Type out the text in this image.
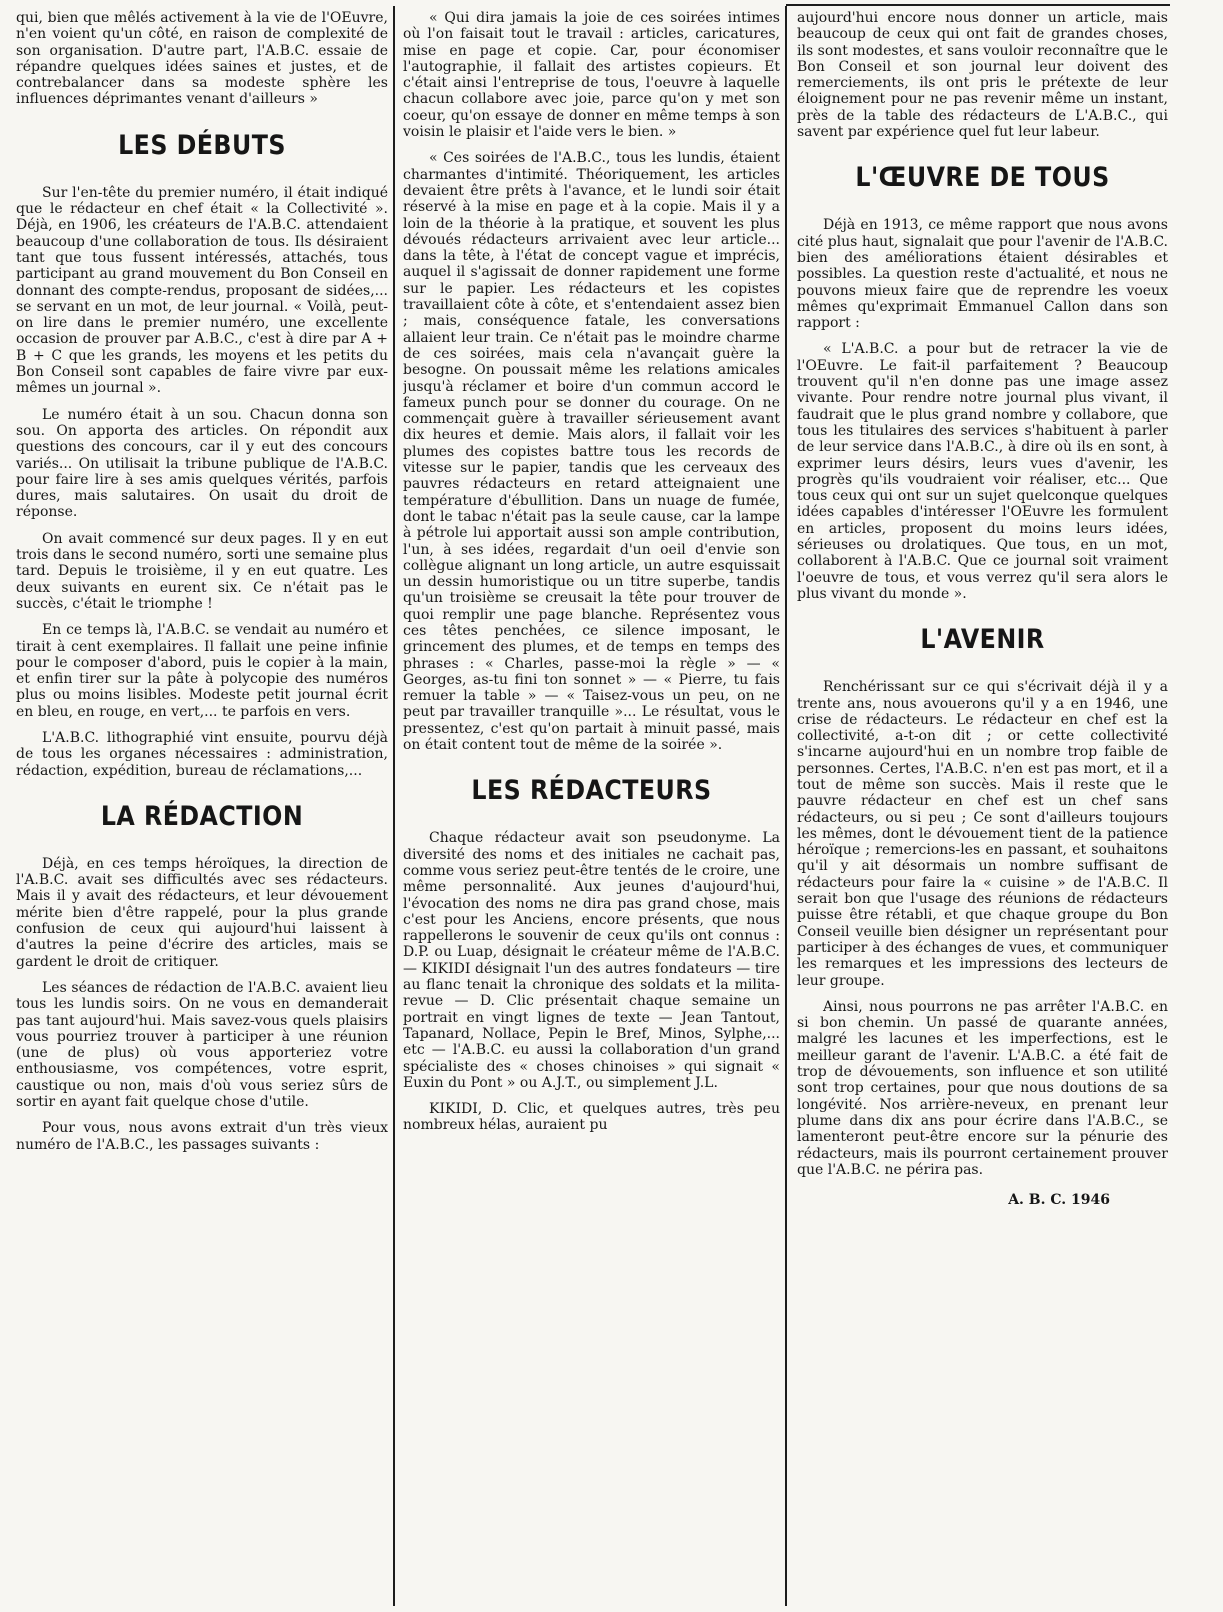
qui, bien que mêlés activement à la vie de l'OEuvre, n'en voient qu'un côté, en raison de complexité de son organisation. D'autre part, l'A.B.C. essaie de répandre quelques idées saines et justes, et de contrebalancer dans sa modeste sphère les influences déprimantes venant d'ailleurs »

LES DÉBUTS

Sur l'en-tête du premier numéro, il était indiqué que le rédacteur en chef était « la Collectivité ». Déjà, en 1906, les créateurs de l'A.B.C. attendaient beaucoup d'une collaboration de tous. Ils désiraient tant que tous fussent intéressés, attachés, tous participant au grand mouvement du Bon Conseil en donnant des compte-rendus, proposant de sidées,... se servant en un mot, de leur journal. « Voilà, peut-on lire dans le premier numéro, une excellente occasion de prouver par A.B.C., c'est à dire par A + B + C que les grands, les moyens et les petits du Bon Conseil sont capables de faire vivre par eux-mêmes un journal ».

Le numéro était à un sou. Chacun donna son sou. On apporta des articles. On répondit aux questions des concours, car il y eut des concours variés... On utilisait la tribune publique de l'A.B.C. pour faire lire à ses amis quelques vérités, parfois dures, mais salutaires. On usait du droit de réponse.

On avait commencé sur deux pages. Il y en eut trois dans le second numéro, sorti une semaine plus tard. Depuis le troisième, il y en eut quatre. Les deux suivants en eurent six. Ce n'était pas le succès, c'était le triomphe !

En ce temps là, l'A.B.C. se vendait au numéro et tirait à cent exemplaires. Il fallait une peine infinie pour le composer d'abord, puis le copier à la main, et enfin tirer sur la pâte à polycopie des numéros plus ou moins lisibles. Modeste petit journal écrit en bleu, en rouge, en vert,... te parfois en vers.

L'A.B.C. lithographié vint ensuite, pourvu déjà de tous les organes nécessaires : administration, rédaction, expédition, bureau de réclamations,...

LA RÉDACTION

Déjà, en ces temps héroïques, la direction de l'A.B.C. avait ses difficultés avec ses rédacteurs. Mais il y avait des rédacteurs, et leur dévouement mérite bien d'être rappelé, pour la plus grande confusion de ceux qui aujourd'hui laissent à d'autres la peine d'écrire des articles, mais se gardent le droit de critiquer.

Les séances de rédaction de l'A.B.C. avaient lieu tous les lundis soirs. On ne vous en demanderait pas tant aujourd'hui. Mais savez-vous quels plaisirs vous pourriez trouver à participer à une réunion (une de plus) où vous apporteriez votre enthousiasme, vos compétences, votre esprit, caustique ou non, mais d'où vous seriez sûrs de sortir en ayant fait quelque chose d'utile.

Pour vous, nous avons extrait d'un très vieux numéro de l'A.B.C., les passages suivants :

« Qui dira jamais la joie de ces soirées intimes où l'on faisait tout le travail : articles, caricatures, mise en page et copie. Car, pour économiser l'autographie, il fallait des artistes copieurs. Et c'était ainsi l'entreprise de tous, l'oeuvre à laquelle chacun collabore avec joie, parce qu'on y met son coeur, qu'on essaye de donner en même temps à son voisin le plaisir et l'aide vers le bien. »

« Ces soirées de l'A.B.C., tous les lundis, étaient charmantes d'intimité. Théoriquement, les articles devaient être prêts à l'avance, et le lundi soir était réservé à la mise en page et à la copie. Mais il y a loin de la théorie à la pratique, et souvent les plus dévoués rédacteurs arrivaient avec leur article... dans la tête, à l'état de concept vague et imprécis, auquel il s'agissait de donner rapidement une forme sur le papier. Les rédacteurs et les copistes travaillaient côte à côte, et s'entendaient assez bien ; mais, conséquence fatale, les conversations allaient leur train. Ce n'était pas le moindre charme de ces soirées, mais cela n'avançait guère la besogne. On poussait même les relations amicales jusqu'à réclamer et boire d'un commun accord le fameux punch pour se donner du courage. On ne commençait guère à travailler sérieusement avant dix heures et demie. Mais alors, il fallait voir les plumes des copistes battre tous les records de vitesse sur le papier, tandis que les cerveaux des pauvres rédacteurs en retard atteignaient une température d'ébullition. Dans un nuage de fumée, dont le tabac n'était pas la seule cause, car la lampe à pétrole lui apportait aussi son ample contribution, l'un, à ses idées, regardait d'un oeil d'envie son collègue alignant un long article, un autre esquissait un dessin humoristique ou un titre superbe, tandis qu'un troisième se creusait la tête pour trouver de quoi remplir une page blanche. Représentez vous ces têtes penchées, ce silence imposant, le grincement des plumes, et de temps en temps des phrases : « Charles, passe-moi la règle » — « Georges, as-tu fini ton sonnet » — « Pierre, tu fais remuer la table » — « Taisez-vous un peu, on ne peut par travailler tranquille »... Le résultat, vous le pressentez, c'est qu'on partait à minuit passé, mais on était content tout de même de la soirée ».

LES RÉDACTEURS

Chaque rédacteur avait son pseudonyme. La diversité des noms et des initiales ne cachait pas, comme vous seriez peut-être tentés de le croire, une même personnalité. Aux jeunes d'aujourd'hui, l'évocation des noms ne dira pas grand chose, mais c'est pour les Anciens, encore présents, que nous rappellerons le souvenir de ceux qu'ils ont connus : D.P. ou Luap, désignait le créateur même de l'A.B.C. — KIKIDI désignait l'un des autres fondateurs — tire au flanc tenait la chronique des soldats et la milita-revue — D. Clic présentait chaque semaine un portrait en vingt lignes de texte — Jean Tantout, Tapanard, Nollace, Pepin le Bref, Minos, Sylphe,... etc — l'A.B.C. eu aussi la collaboration d'un grand spécialiste des « choses chinoises » qui signait « Euxin du Pont » ou A.J.T., ou simplement J.L.

KIKIDI, D. Clic, et quelques autres, très peu nombreux hélas, auraient pu

aujourd'hui encore nous donner un article, mais beaucoup de ceux qui ont fait de grandes choses, ils sont modestes, et sans vouloir reconnaître que le Bon Conseil et son journal leur doivent des remerciements, ils ont pris le prétexte de leur éloignement pour ne pas revenir même un instant, près de la table des rédacteurs de L'A.B.C., qui savent par expérience quel fut leur labeur.

L'ŒUVRE DE TOUS

Déjà en 1913, ce même rapport que nous avons cité plus haut, signalait que pour l'avenir de l'A.B.C. bien des améliorations étaient désirables et possibles. La question reste d'actualité, et nous ne pouvons mieux faire que de reprendre les voeux mêmes qu'exprimait Emmanuel Callon dans son rapport :

« L'A.B.C. a pour but de retracer la vie de l'OEuvre. Le fait-il parfaitement ? Beaucoup trouvent qu'il n'en donne pas une image assez vivante. Pour rendre notre journal plus vivant, il faudrait que le plus grand nombre y collabore, que tous les titulaires des services s'habituent à parler de leur service dans l'A.B.C., à dire où ils en sont, à exprimer leurs désirs, leurs vues d'avenir, les progrès qu'ils voudraient voir réaliser, etc... Que tous ceux qui ont sur un sujet quelconque quelques idées capables d'intéresser l'OEuvre les formulent en articles, proposent du moins leurs idées, sérieuses ou drolatiques. Que tous, en un mot, collaborent à l'A.B.C. Que ce journal soit vraiment l'oeuvre de tous, et vous verrez qu'il sera alors le plus vivant du monde ».

L'AVENIR

Renchérissant sur ce qui s'écrivait déjà il y a trente ans, nous avouerons qu'il y a en 1946, une crise de rédacteurs. Le rédacteur en chef est la collectivité, a-t-on dit ; or cette collectivité s'incarne aujourd'hui en un nombre trop faible de personnes. Certes, l'A.B.C. n'en est pas mort, et il a tout de même son succès. Mais il reste que le pauvre rédacteur en chef est un chef sans rédacteurs, ou si peu ; Ce sont d'ailleurs toujours les mêmes, dont le dévouement tient de la patience héroïque ; remercions-les en passant, et souhaitons qu'il y ait désormais un nombre suffisant de rédacteurs pour faire la « cuisine » de l'A.B.C. Il serait bon que l'usage des réunions de rédacteurs puisse être rétabli, et que chaque groupe du Bon Conseil veuille bien désigner un représentant pour participer à des échanges de vues, et communiquer les remarques et les impressions des lecteurs de leur groupe.

Ainsi, nous pourrons ne pas arrêter l'A.B.C. en si bon chemin. Un passé de quarante années, malgré les lacunes et les imperfections, est le meilleur garant de l'avenir. L'A.B.C. a été fait de trop de dévouements, son influence et son utilité sont trop certaines, pour que nous doutions de sa longévité. Nos arrière-neveux, en prenant leur plume dans dix ans pour écrire dans l'A.B.C., se lamenteront peut-être encore sur la pénurie des rédacteurs, mais ils pourront certainement prouver que l'A.B.C. ne périra pas.

A. B. C. 1946
